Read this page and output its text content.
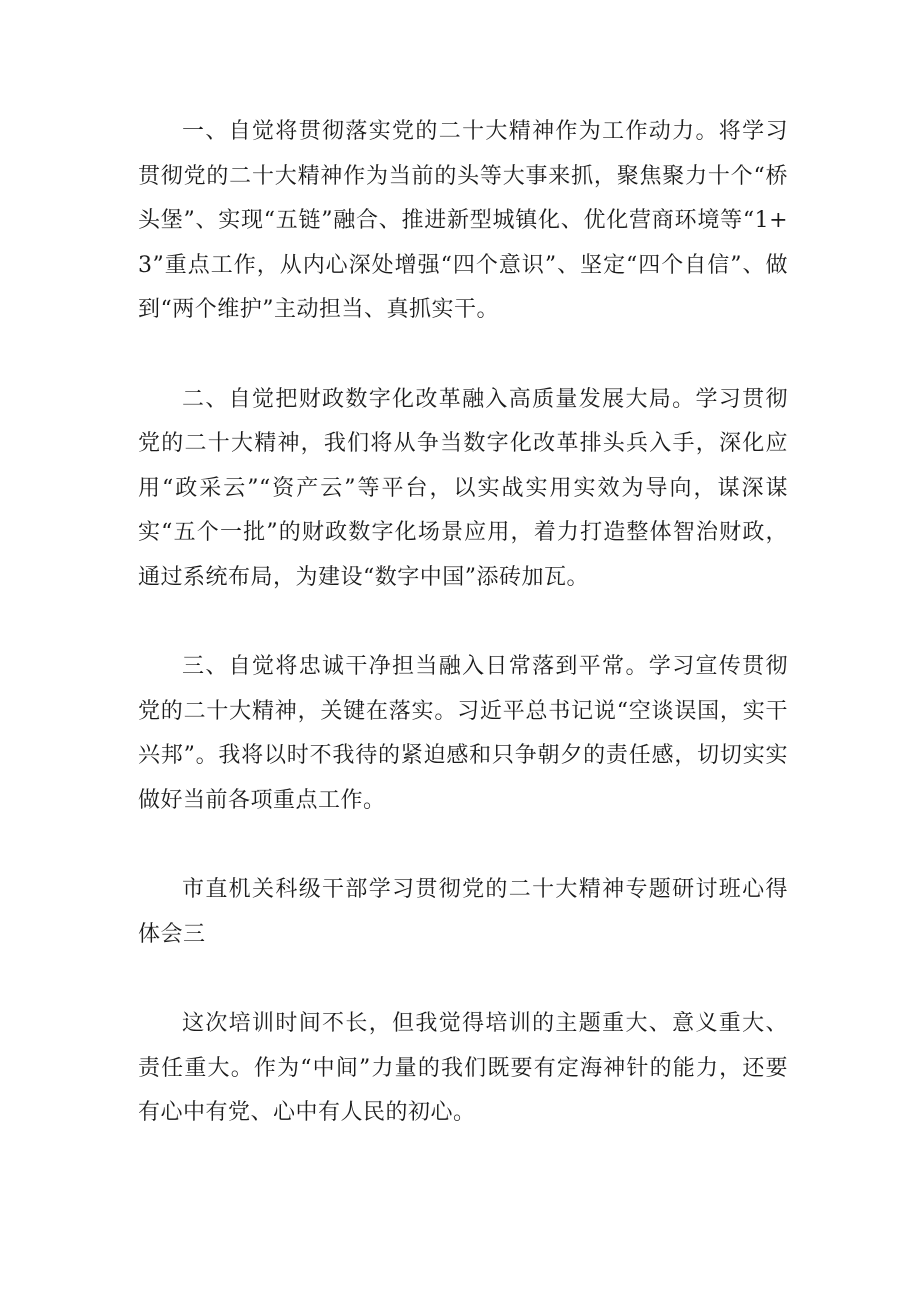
一、自觉将贯彻落实党的二十大精神作为工作动力。将学习贯彻党的二十大精神作为当前的头等大事来抓，聚焦聚力十个“桥头堡”、实现“五链”融合、推进新型城镇化、优化营商环境等“1+3”重点工作，从内心深处增强“四个意识”、坚定“四个自信”、做到“两个维护”主动担当、真抓实干。

二、自觉把财政数字化改革融入高质量发展大局。学习贯彻党的二十大精神，我们将从争当数字化改革排头兵入手，深化应用“政采云”“资产云”等平台，以实战实用实效为导向，谋深谋实“五个一批”的财政数字化场景应用，着力打造整体智治财政，通过系统布局，为建设“数字中国”添砖加瓦。

三、自觉将忠诚干净担当融入日常落到平常。学习宣传贯彻党的二十大精神，关键在落实。习近平总书记说“空谈误国，实干兴邦”。我将以时不我待的紧迫感和只争朝夕的责任感，切切实实做好当前各项重点工作。

市直机关科级干部学习贯彻党的二十大精神专题研讨班心得体会三

这次培训时间不长，但我觉得培训的主题重大、意义重大、责任重大。作为“中间”力量的我们既要有定海神针的能力，还要有心中有党、心中有人民的初心。
